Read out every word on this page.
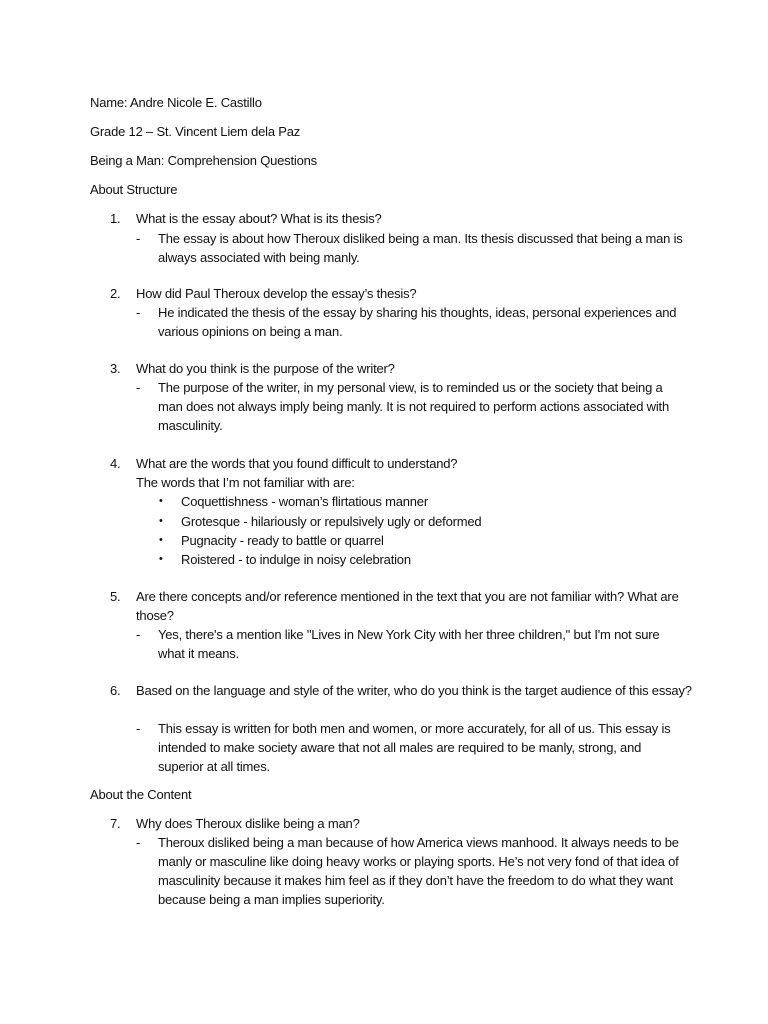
Name: Andre Nicole E. Castillo
Grade 12 – St. Vincent Liem dela Paz
Being a Man: Comprehension Questions
About Structure
1.	What is the essay about? What is its thesis?
- The essay is about how Theroux disliked being a man. Its thesis discussed that being a man is always associated with being manly.
2.	How did Paul Theroux develop the essay’s thesis?
- He indicated the thesis of the essay by sharing his thoughts, ideas, personal experiences and various opinions on being a man.
3.	What do you think is the purpose of the writer?
- The purpose of the writer, in my personal view, is to reminded us or the society that being a man does not always imply being manly. It is not required to perform actions associated with masculinity.
4.	What are the words that you found difficult to understand?
The words that I’m not familiar with are:
• Coquettishness - woman’s flirtatious manner
• Grotesque - hilariously or repulsively ugly or deformed
• Pugnacity - ready to battle or quarrel
• Roistered - to indulge in noisy celebration
5.	Are there concepts and/or reference mentioned in the text that you are not familiar with? What are those?
- Yes, there's a mention like "Lives in New York City with her three children," but I'm not sure what it means.
6.	Based on the language and style of the writer, who do you think is the target audience of this essay?
- This essay is written for both men and women, or more accurately, for all of us. This essay is intended to make society aware that not all males are required to be manly, strong, and superior at all times.
About the Content
7.	Why does Theroux dislike being a man?
- Theroux disliked being a man because of how America views manhood. It always needs to be manly or masculine like doing heavy works or playing sports. He’s not very fond of that idea of masculinity because it makes him feel as if they don’t have the freedom to do what they want because being a man implies superiority.
